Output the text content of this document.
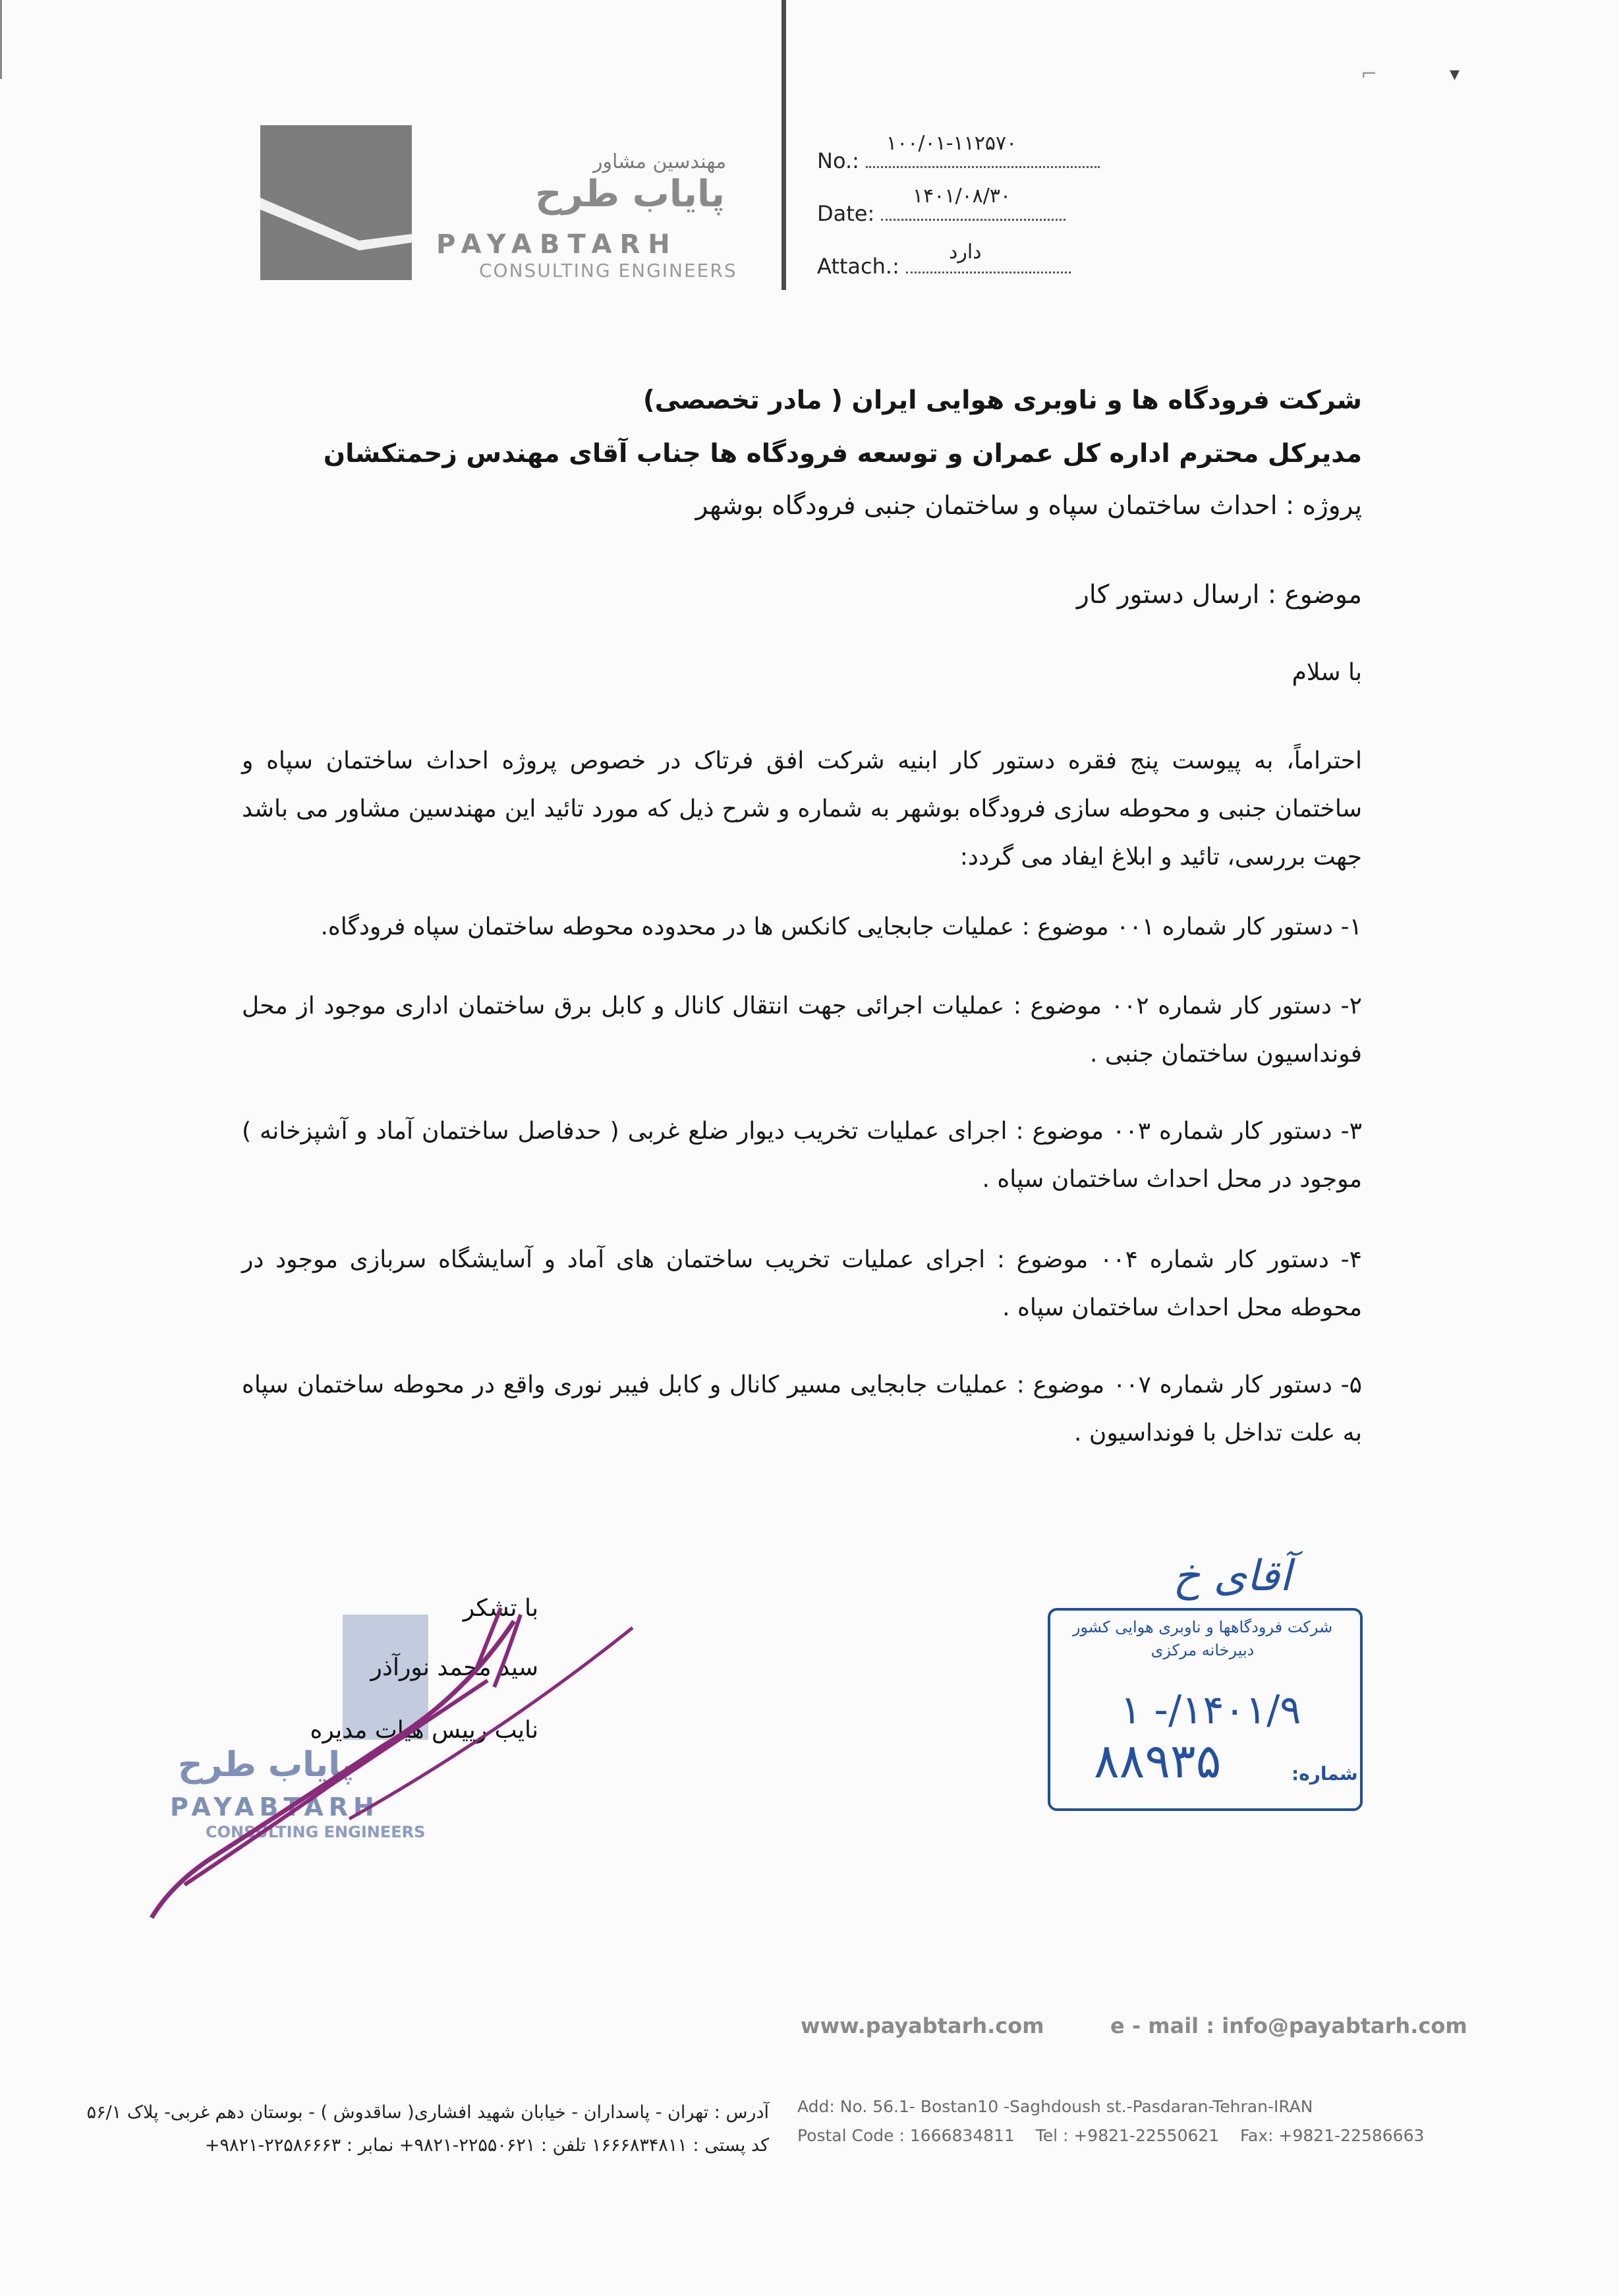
مهندسین مشاور
پایاب طرح
PAYABTARH
CONSULTING ENGINEERS
No.:
۱۰۰/۰۱-۱۱۲۵۷۰
Date:
۱۴۰۱/۰۸/۳۰
Attach.:
دارد
⌐	▾
شرکت فرودگاه ها و ناوبری هوایی ایران ( مادر تخصصی)
مدیرکل محترم اداره کل عمران و توسعه فرودگاه ها جناب آقای مهندس زحمتکشان
پروژه : احداث ساختمان سپاه و ساختمان جنبی فرودگاه بوشهر
موضوع : ارسال دستور کار
با سلام
احتراماً، به پیوست پنج فقره دستور کار ابنیه شرکت افق فرتاک در خصوص پروژه احداث ساختمان سپاه و ساختمان جنبی و محوطه سازی فرودگاه بوشهر به شماره و شرح ذیل که مورد تائید این مهندسین مشاور می باشد جهت بررسی، تائید و ابلاغ ایفاد می گردد:
۱- دستور کار شماره ۰۰۱ موضوع : عملیات جابجایی کانکس ها در محدوده محوطه ساختمان سپاه فرودگاه.
۲- دستور کار شماره ۰۰۲ موضوع : عملیات اجرائی جهت انتقال کانال و کابل برق ساختمان اداری موجود از محل فونداسیون ساختمان جنبی .
۳- دستور کار شماره ۰۰۳ موضوع : اجرای عملیات تخریب دیوار ضلع غربی ( حدفاصل ساختمان آماد و آشپزخانه ) موجود در محل احداث ساختمان سپاه .
۴- دستور کار شماره ۰۰۴ موضوع : اجرای عملیات تخریب ساختمان های آماد و آسایشگاه سربازی موجود در محوطه محل احداث ساختمان سپاه .
۵- دستور کار شماره ۰۰۷ موضوع : عملیات جابجایی مسیر کانال و کابل فیبر نوری واقع در محوطه ساختمان سپاه به علت تداخل با فونداسیون .
با تشکر
سید محمد نورآذر
نایب رییس هیات مدیره
پایاب طرح
PAYABTARH
CONSULTING ENGINEERS
آقای خ
شرکت فرودگاهها و ناوبری هوایی کشور
دبیرخانه مرکزی
۱۴۰۱/۹/- ۱
شماره:
۸۸۹۳۵
www.payabtarh.com	e - mail : info@payabtarh.com
آدرس : تهران - پاسداران - خیابان شهید افشاری( ساقدوش ) - بوستان دهم غربی- پلاک ۵۶/۱
کد پستی : ۱۶۶۶۸۳۴۸۱۱ تلفن : ۲۲۵۵۰۶۲۱-۹۸۲۱+ نمابر : ۲۲۵۸۶۶۶۳-۹۸۲۱+
Add: No. 56.1- Bostan10 -Saghdoush st.-Pasdaran-Tehran-IRAN
Postal Code : 1666834811    Tel : +9821-22550621    Fax: +9821-22586663
